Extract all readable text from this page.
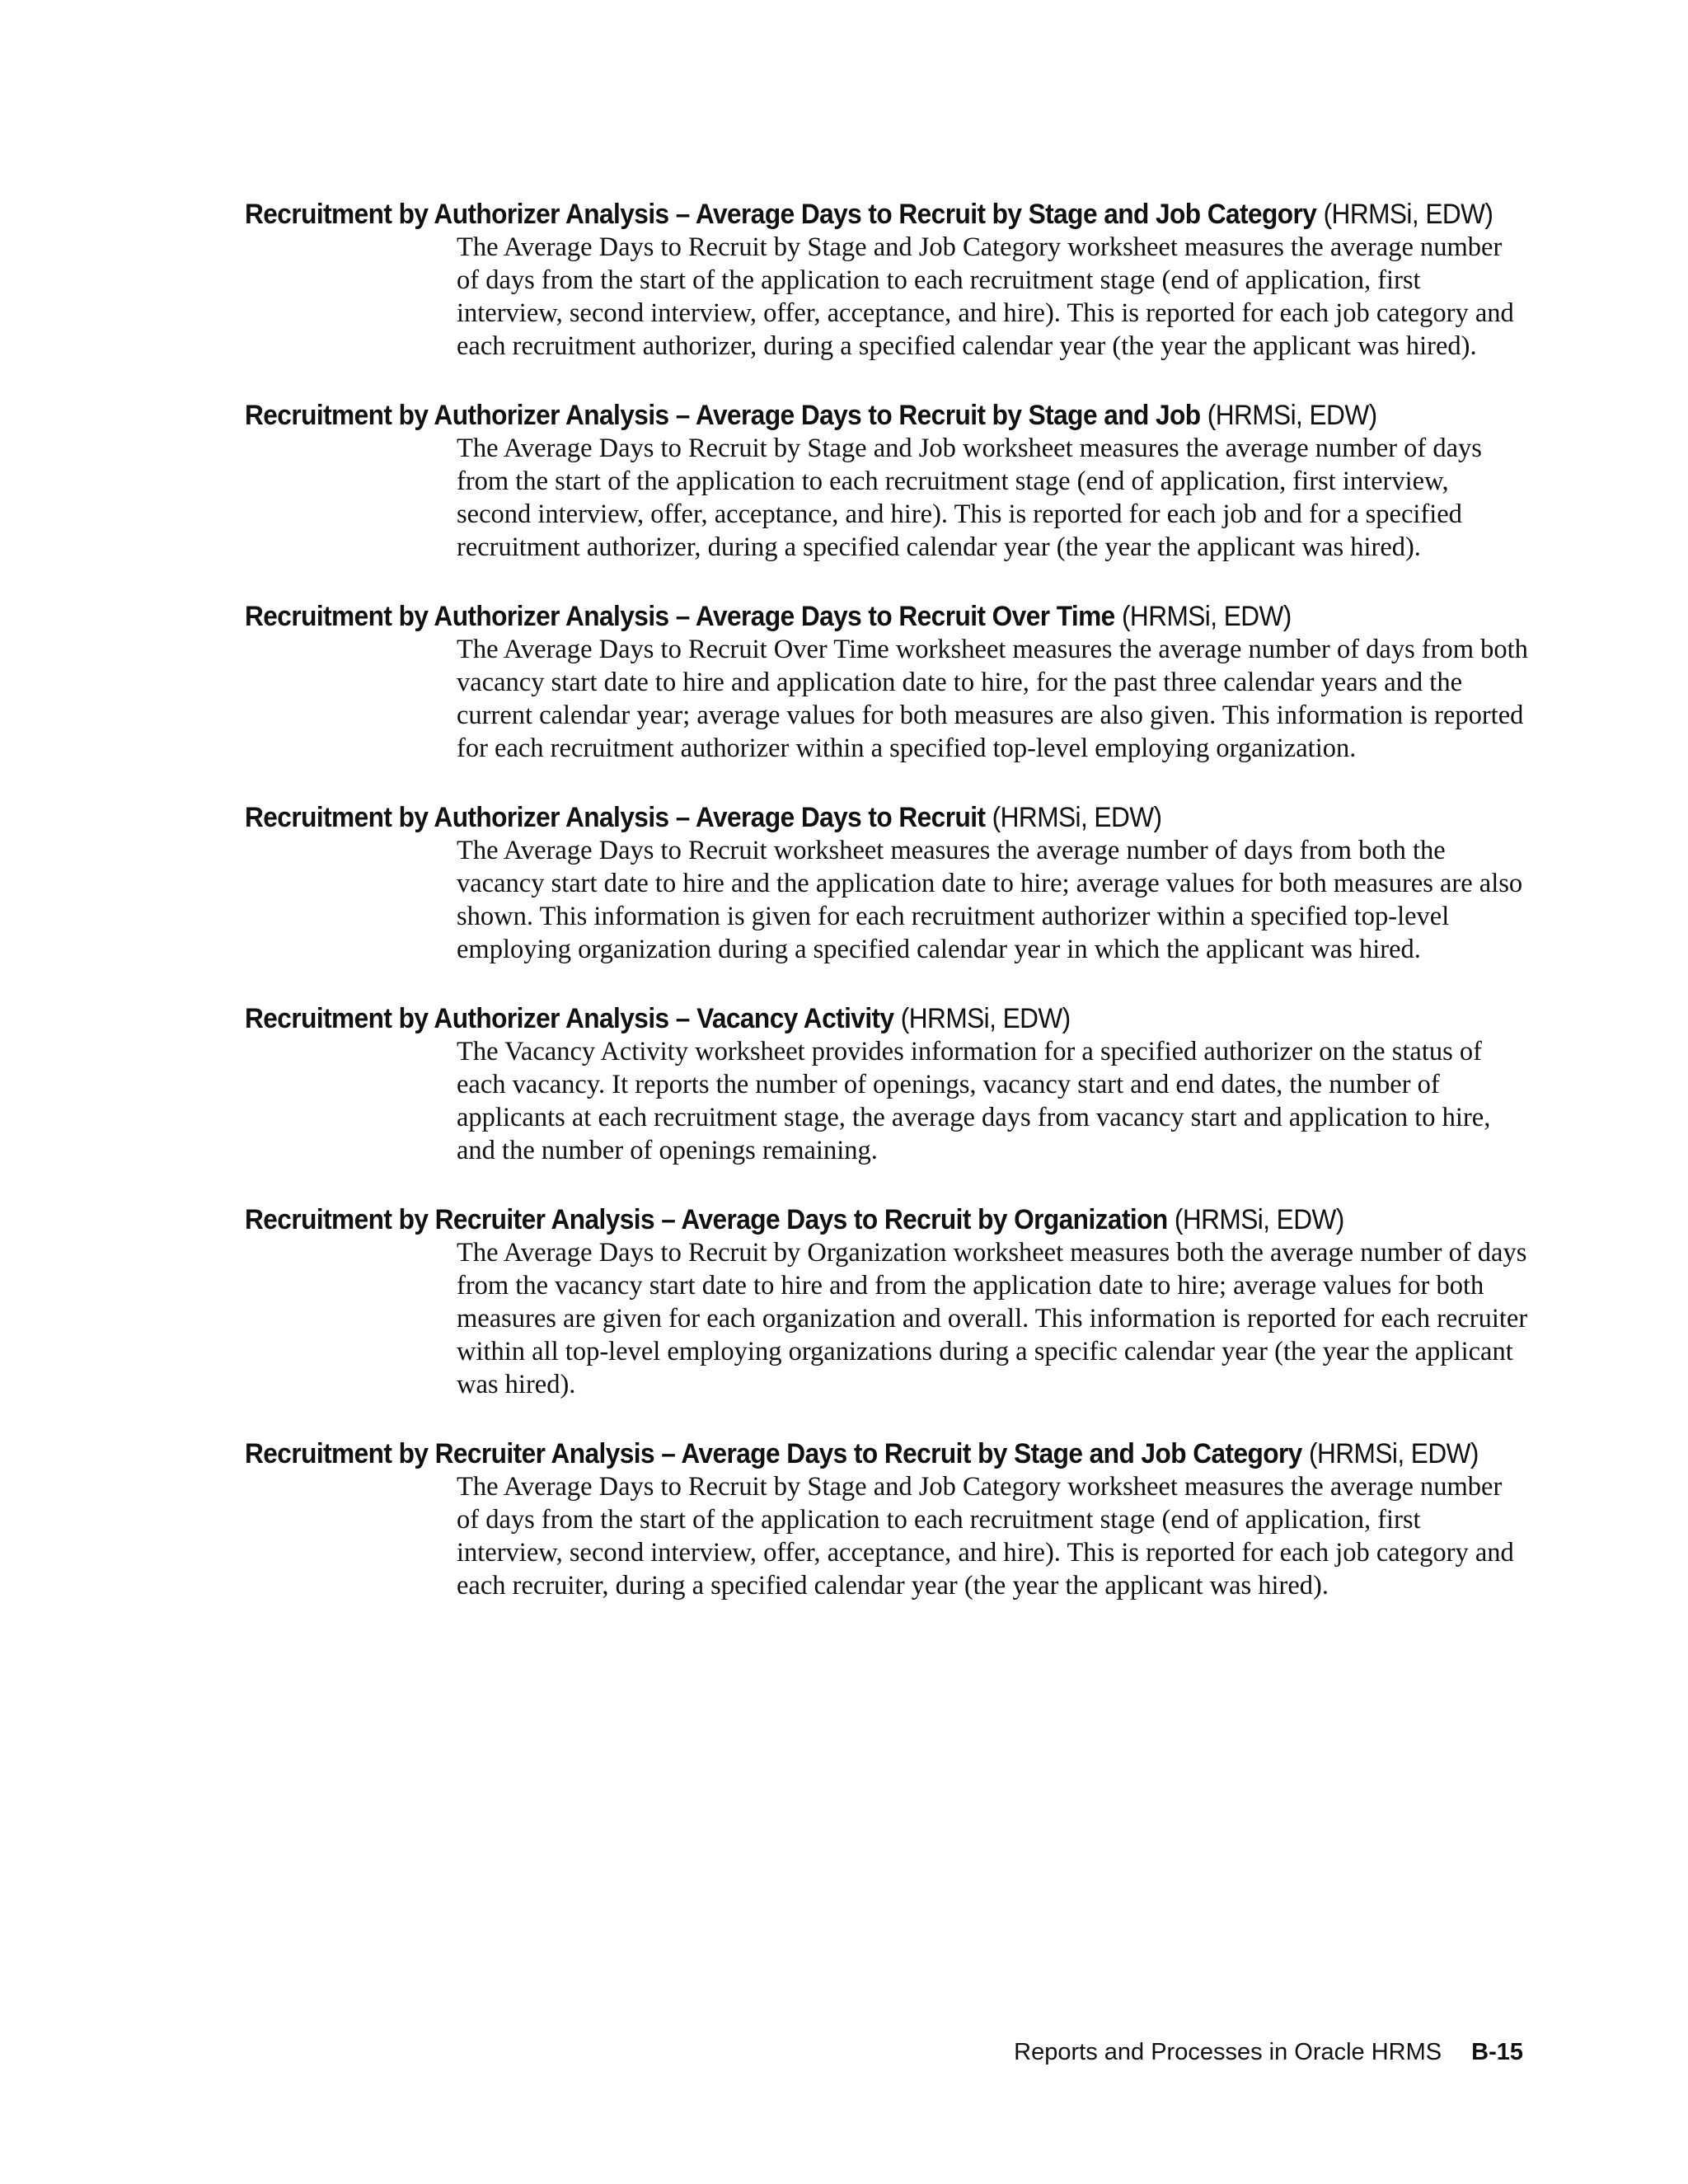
Recruitment by Authorizer Analysis – Average Days to Recruit by Stage and Job Category (HRMSi, EDW)
The Average Days to Recruit by Stage and Job Category worksheet measures the average number of days from the start of the application to each recruitment stage (end of application, first interview, second interview, offer, acceptance, and hire). This is reported for each job category and each recruitment authorizer, during a specified calendar year (the year the applicant was hired).
Recruitment by Authorizer Analysis – Average Days to Recruit by Stage and Job (HRMSi, EDW)
The Average Days to Recruit by Stage and Job worksheet measures the average number of days from the start of the application to each recruitment stage (end of application, first interview, second interview, offer, acceptance, and hire). This is reported for each job and for a specified recruitment authorizer, during a specified calendar year (the year the applicant was hired).
Recruitment by Authorizer Analysis – Average Days to Recruit Over Time (HRMSi, EDW)
The Average Days to Recruit Over Time worksheet measures the average number of days from both vacancy start date to hire and application date to hire, for the past three calendar years and the current calendar year; average values for both measures are also given. This information is reported for each recruitment authorizer within a specified top-level employing organization.
Recruitment by Authorizer Analysis – Average Days to Recruit (HRMSi, EDW)
The Average Days to Recruit worksheet measures the average number of days from both the vacancy start date to hire and the application date to hire; average values for both measures are also shown. This information is given for each recruitment authorizer within a specified top-level employing organization during a specified calendar year in which the applicant was hired.
Recruitment by Authorizer Analysis – Vacancy Activity (HRMSi, EDW)
The Vacancy Activity worksheet provides information for a specified authorizer on the status of each vacancy. It reports the number of openings, vacancy start and end dates, the number of applicants at each recruitment stage, the average days from vacancy start and application to hire, and the number of openings remaining.
Recruitment by Recruiter Analysis – Average Days to Recruit by Organization (HRMSi, EDW)
The Average Days to Recruit by Organization worksheet measures both the average number of days from the vacancy start date to hire and from the application date to hire; average values for both measures are given for each organization and overall. This information is reported for each recruiter within all top-level employing organizations during a specific calendar year (the year the applicant was hired).
Recruitment by Recruiter Analysis – Average Days to Recruit by Stage and Job Category (HRMSi, EDW)
The Average Days to Recruit by Stage and Job Category worksheet measures the average number of days from the start of the application to each recruitment stage (end of application, first interview, second interview, offer, acceptance, and hire). This is reported for each job category and each recruiter, during a specified calendar year (the year the applicant was hired).
Reports and Processes in Oracle HRMS B-15
